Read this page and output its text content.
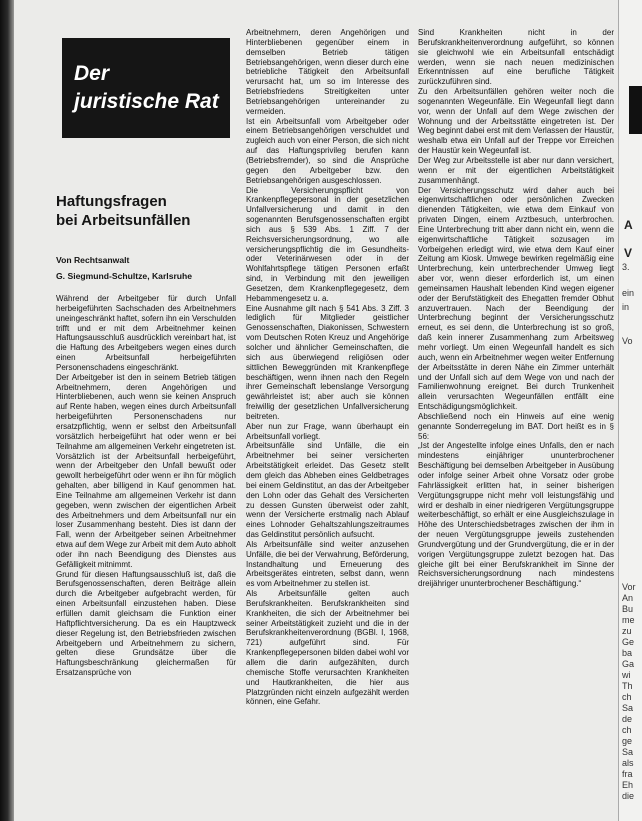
Der
juristische Rat
Haftungsfragen
bei Arbeitsunfällen
Von Rechtsanwalt
G. Siegmund-Schultze, Karlsruhe

Während der Arbeitgeber für durch Unfall herbeigeführten Sachschaden des Arbeitnehmers uneingeschränkt haftet, sofern ihn ein Verschulden trifft und er mit dem Arbeitnehmer keinen Haftungsausschluß ausdrücklich vereinbart hat, ist die Haftung des Arbeitgebers wegen eines durch einen Arbeitsunfall herbeigeführten Personenschadens eingeschränkt.

Der Arbeitgeber ist den in seinem Betrieb tätigen Arbeitnehmern, deren Angehörigen und Hinterbliebenen, auch wenn sie keinen Anspruch auf Rente haben, wegen eines durch Arbeitsunfall herbeigeführten Personenschadens nur ersatzpflichtig, wenn er selbst den Arbeitsunfall vorsätzlich herbeigeführt hat oder wenn er bei Teilnahme am allgemeinen Verkehr eingetreten ist. Vorsätzlich ist der Arbeitsunfall herbeigeführt, wenn der Arbeitgeber den Unfall bewußt oder gewollt herbeigeführt oder wenn er ihn für möglich gehalten, aber billigend in Kauf genommen hat. Eine Teilnahme am allgemeinen Verkehr ist dann gegeben, wenn zwischen der eigentlichen Arbeit des Arbeitnehmers und dem Arbeitsunfall nur ein loser Zusammenhang besteht. Dies ist dann der Fall, wenn der Arbeitgeber seinen Arbeitnehmer etwa auf dem Wege zur Arbeit mit dem Auto abholt oder ihn nach Beendigung des Dienstes aus Gefälligkeit mitnimmt.

Grund für diesen Haftungsausschluß ist, daß die Berufsgenossenschaften, deren Beiträge allein durch die Arbeitgeber aufgebracht werden, für einen Arbeitsunfall einzustehen haben. Diese erfüllen damit gleichsam die Funktion einer Haftpflichtversicherung. Da es ein Hauptzweck dieser Regelung ist, den Betriebsfrieden zwischen Arbeitgebern und Arbeitnehmern zu sichern, gelten diese Grundsätze über die Haftungsbeschränkung gleichermaßen für Ersatzansprüche von

Arbeitnehmern, deren Angehörigen und Hinterbliebenen gegenüber einem in demselben Betrieb tätigen Betriebsangehörigen, wenn dieser durch eine betriebliche Tätigkeit den Arbeitsunfall verursacht hat, um so im Interesse des Betriebsfriedens Streitigkeiten unter Betriebsangehörigen untereinander zu vermeiden.

Ist ein Arbeitsunfall vom Arbeitgeber oder einem Betriebsangehörigen verschuldet und zugleich auch von einer Person, die sich nicht auf das Haftungsprivileg berufen kann (Betriebsfremder), so sind die Ansprüche gegen den Arbeitgeber bzw. den Betriebsangehörigen ausgeschlossen.

Die Versicherungspflicht von Krankenpflegepersonal in der gesetzlichen Unfallversicherung und damit in den sogenannten Berufsgenossenschaften ergibt sich aus § 539 Abs. 1 Ziff. 7 der Reichsversicherungsordnung, wo alle versicherungspflichtig die im Gesundheits- oder Veterinärwesen oder in der Wohlfahrtspflege tätigen Personen erfaßt sind, in Verbindung mit den jeweiligen Gesetzen, dem Krankenpflegegesetz, dem Hebammengesetz u. a.

Eine Ausnahme gilt nach § 541 Abs. 3 Ziff. 3 lediglich für Mitglieder geistlicher Genossenschaften, Diakonissen, Schwestern vom Deutschen Roten Kreuz und Angehörige solcher und ähnlicher Gemeinschaften, die sich aus überwiegend religiösen oder sittlichen Beweggründen mit Krankenpflege beschäftigen, wenn ihnen nach den Regeln ihrer Gemeinschaft lebenslange Versorgung gewährleistet ist; aber auch sie können freiwillig der gesetzlichen Unfallversicherung beitreten.

Aber nun zur Frage, wann überhaupt ein Arbeitsunfall vorliegt.

Arbeitsunfälle sind Unfälle, die ein Arbeitnehmer bei seiner versicherten Arbeitstätigkeit erleidet. Das Gesetz stellt dem gleich das Abheben eines Geldbetrages bei einem Geldinstitut, an das der Arbeitgeber den Lohn oder das Gehalt des Versicherten zu dessen Gunsten überweist oder zahlt, wenn der Versicherte erstmalig nach Ablauf eines Lohnoder Gehaltszahlungszeitraumes das Geldinstitut persönlich aufsucht.

Als Arbeitsunfälle sind weiter anzusehen Unfälle, die bei der Verwahrung, Beförderung, Instandhaltung und Erneuerung des Arbeitsgerätes eintreten, selbst dann, wenn es vom Arbeitnehmer zu stellen ist.

Als Arbeitsunfälle gelten auch Berufskrankheiten. Berufskrankheiten sind Krankheiten, die sich der Arbeitnehmer bei seiner Arbeitstätigkeit zuzieht und die in der Berufskrankheitenverordnung (BGBl. I, 1968, 721) aufgeführt sind. Für Krankenpflegepersonen bilden dabei wohl vor allem die darin aufgezählten, durch chemische Stoffe verursachten Krankheiten und Hautkrankheiten, die hier aus Platzgründen nicht einzeln aufgezählt werden können, eine Gefahr.

Sind Krankheiten nicht in der Berufskrankheitenverordnung aufgeführt, so können sie gleichwohl wie ein Arbeitsunfall entschädigt werden, wenn sie nach neuen medizinischen Erkenntnissen auf eine berufliche Tätigkeit zurückzuführen sind.

Zu den Arbeitsunfällen gehören weiter noch die sogenannten Wegeunfälle. Ein Wegeunfall liegt dann vor, wenn der Unfall auf dem Wege zwischen der Wohnung und der Arbeitsstätte eingetreten ist. Der Weg beginnt dabei erst mit dem Verlassen der Haustür, weshalb etwa ein Unfall auf der Treppe vor Erreichen der Haustür kein Wegeunfall ist.

Der Weg zur Arbeitsstelle ist aber nur dann versichert, wenn er mit der eigentlichen Arbeitstätigkeit zusammenhängt.

Der Versicherungsschutz wird daher auch bei eigenwirtschaftlichen oder persönlichen Zwecken dienenden Tätigkeiten, wie etwa dem Einkauf von privaten Dingen, einem Arztbesuch, unterbrochen. Eine Unterbrechung tritt aber dann nicht ein, wenn die eigenwirtschaftliche Tätigkeit sozusagen im Vorbeigehen erledigt wird, wie etwa dem Kauf einer Zeitung am Kiosk. Umwege bewirken regelmäßig eine Unterbrechung, kein unterbrechender Umweg liegt aber vor, wenn dieser erforderlich ist, um einen gemeinsamen Haushalt lebenden Kind wegen eigener oder der Berufstätigkeit des Ehegatten fremder Obhut anzuvertrauen. Nach der Beendigung der Unterbrechung beginnt der Versicherungsschutz erneut, es sei denn, die Unterbrechung ist so groß, daß kein innerer Zusammenhang zum Arbeitsweg mehr vorliegt. Um einen Wegeunfall handelt es sich auch, wenn ein Arbeitnehmer wegen weiter Entfernung der Arbeitsstätte in deren Nähe ein Zimmer unterhält und der Unfall sich auf dem Wege von und nach der Familienwohnung ereignet. Bei durch Trunkenheit allein verursachten Wegeunfällen entfällt eine Entschädigungsmöglichkeit.

Abschließend noch ein Hinweis auf eine wenig genannte Sonderregelung im BAT. Dort heißt es in § 56:

„Ist der Angestellte infolge eines Unfalls, den er nach mindestens einjähriger ununterbrochener Beschäftigung bei demselben Arbeitgeber in Ausübung oder infolge seiner Arbeit ohne Vorsatz oder grobe Fahrlässigkeit erlitten hat, in seiner bisherigen Vergütungsgruppe nicht mehr voll leistungsfähig und wird er deshalb in einer niedrigeren Vergütungsgruppe weiterbeschäftigt, so erhält er eine Ausgleichszulage in Höhe des Unterschiedsbetrages zwischen der ihm in der neuen Vergütungsgruppe jeweils zustehenden Grundvergütung und der Grundvergütung, die er in der vorigen Vergütungsgruppe zuletzt bezogen hat. Das gleiche gilt bei einer Berufskrankheit im Sinne der Reichsversicherungsordnung nach mindestens dreijähriger ununterbrochener Beschäftigung.“

A
V
3.
ein
in
Vo
Vor
An
Bu
me
zu
Ge
ba
Ga
wi
Th
ch
Sa
de
ch
ge
Sa
als
fra
Eh
die
